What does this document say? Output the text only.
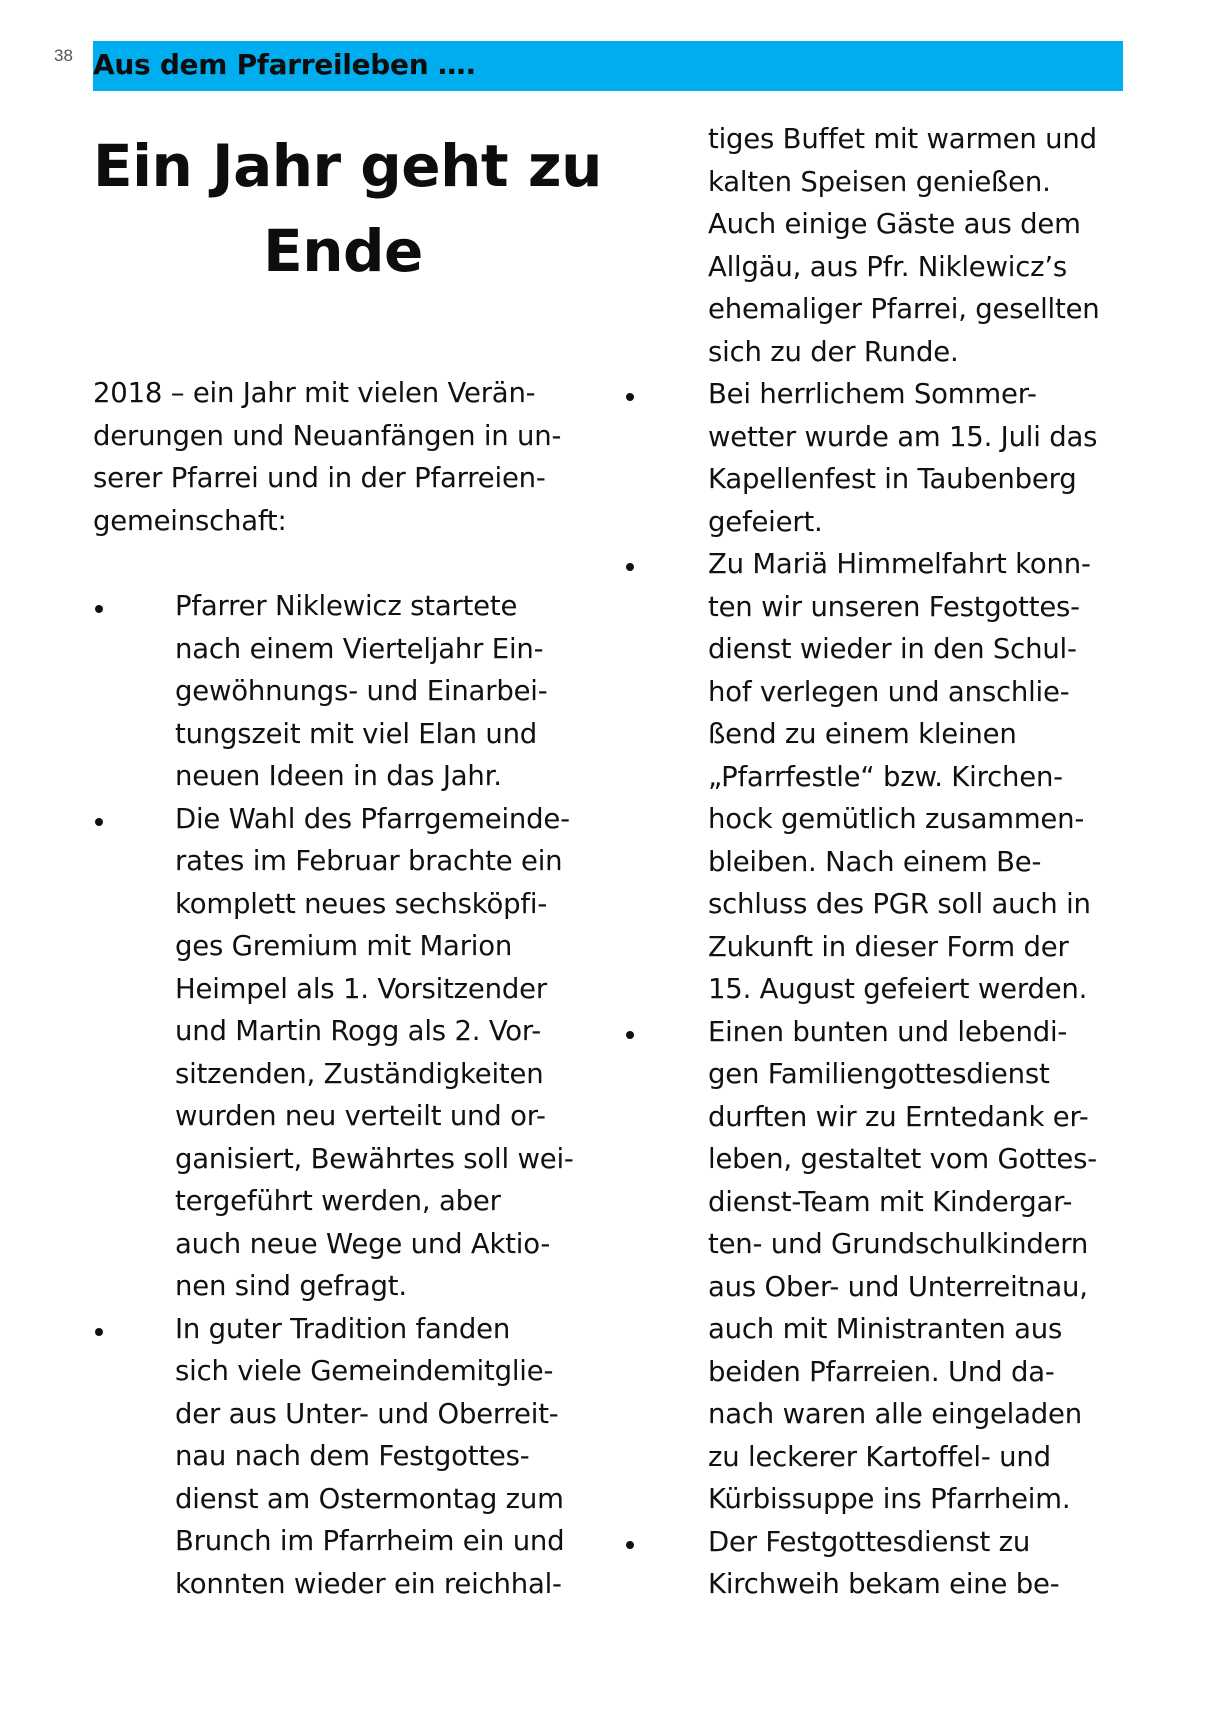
38 Aus dem Pfarreileben ….
Ein Jahr geht zu
Ende
2018 – ein Jahr mit vielen Verän-
derungen und Neuanfängen in un-
serer Pfarrei und in der Pfarreien-
gemeinschaft:
Pfarrer Niklewicz startete
nach einem Vierteljahr Ein-
gewöhnungs- und Einarbei-
tungszeit mit viel Elan und
neuen Ideen in das Jahr.
Die Wahl des Pfarrgemeinde-
rates im Februar brachte ein
komplett neues sechsköpfi-
ges Gremium mit Marion
Heimpel als 1. Vorsitzender
und Martin Rogg als 2. Vor-
sitzenden, Zuständigkeiten
wurden neu verteilt und or-
ganisiert, Bewährtes soll wei-
tergeführt werden, aber
auch neue Wege und Aktio-
nen sind gefragt.
In guter Tradition fanden
sich viele Gemeindemitglie-
der aus Unter- und Oberreit-
nau nach dem Festgottes-
dienst am Ostermontag zum
Brunch im Pfarrheim ein und
konnten wieder ein reichhal-
tiges Buffet mit warmen und
kalten Speisen genießen.
Auch einige Gäste aus dem
Allgäu, aus Pfr. Niklewicz’s
ehemaliger Pfarrei, gesellten
sich zu der Runde.
Bei herrlichem Sommer-
wetter wurde am 15. Juli das
Kapellenfest in Taubenberg
gefeiert.
Zu Mariä Himmelfahrt konn-
ten wir unseren Festgottes-
dienst wieder in den Schul-
hof verlegen und anschlie-
ßend zu einem kleinen
„Pfarrfestle“ bzw. Kirchen-
hock gemütlich zusammen-
bleiben. Nach einem Be-
schluss des PGR soll auch in
Zukunft in dieser Form der
15. August gefeiert werden.
Einen bunten und lebendi-
gen Familiengottesdienst
durften wir zu Erntedank er-
leben, gestaltet vom Gottes-
dienst-Team mit Kindergar-
ten- und Grundschulkindern
aus Ober- und Unterreitnau,
auch mit Ministranten aus
beiden Pfarreien. Und da-
nach waren alle eingeladen
zu leckerer Kartoffel- und
Kürbissuppe ins Pfarrheim.
Der Festgottesdienst zu
Kirchweih bekam eine be-
